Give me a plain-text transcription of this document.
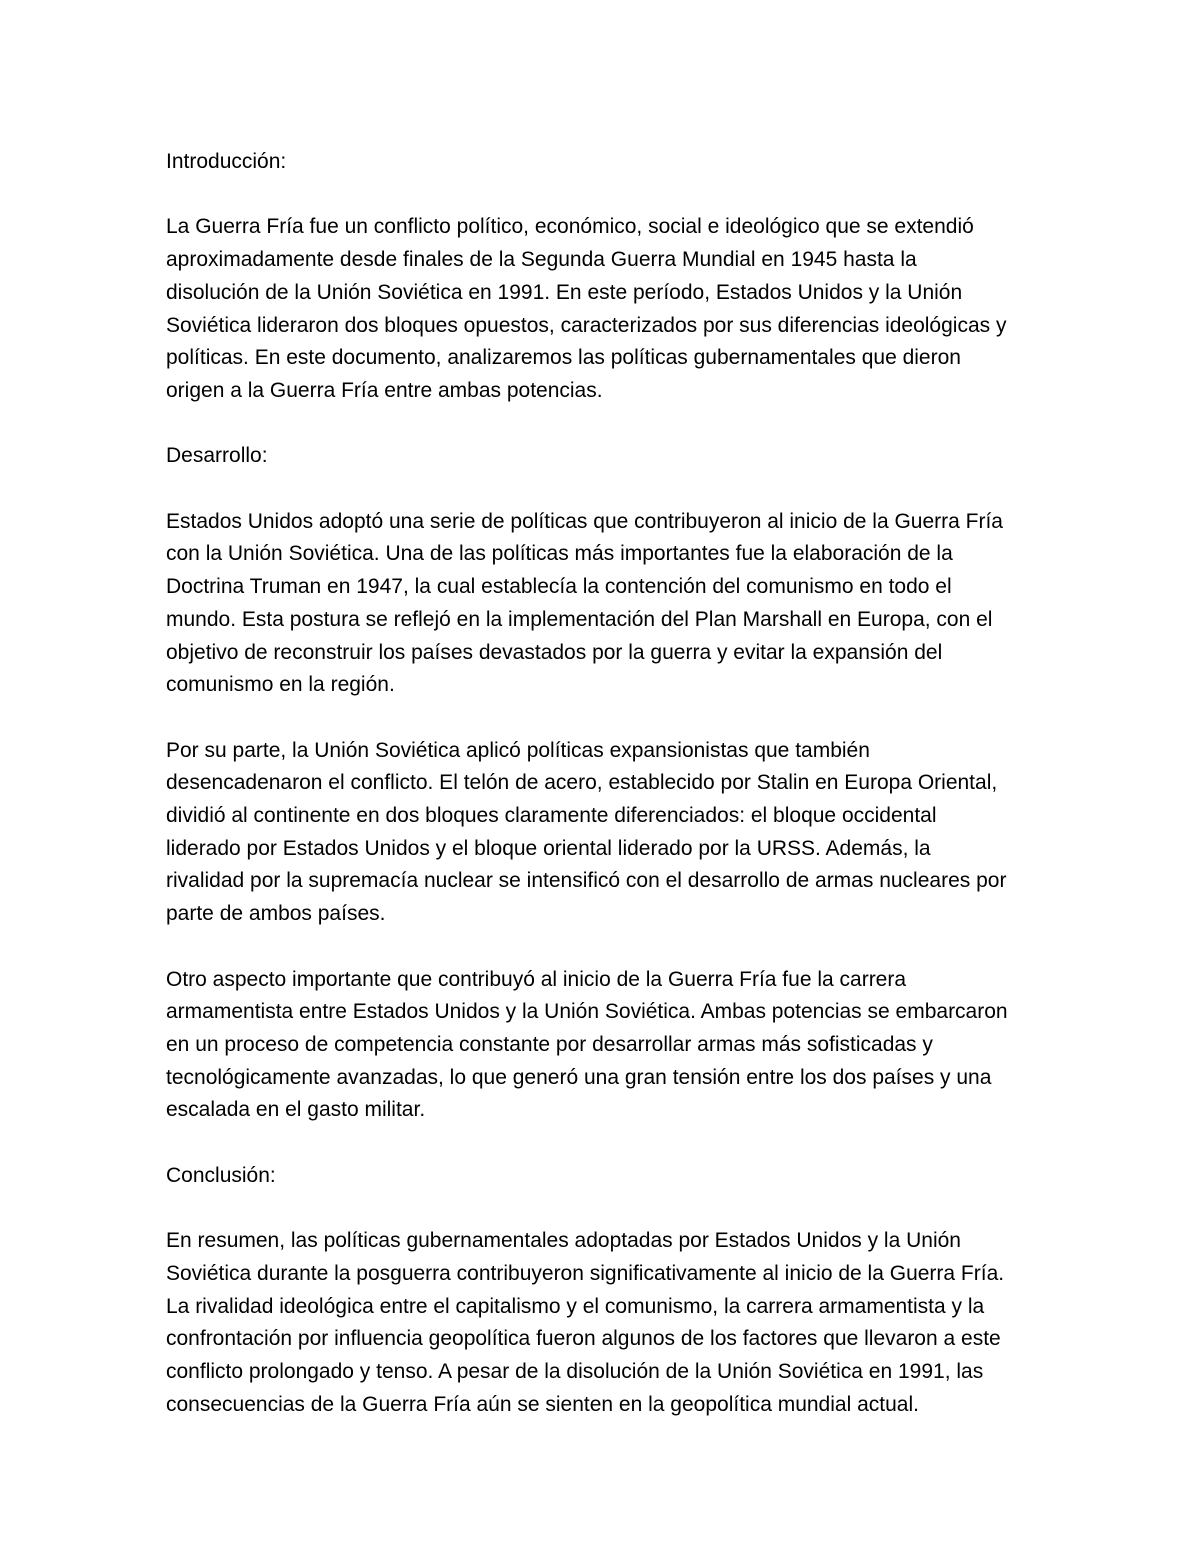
Introducción:

La Guerra Fría fue un conflicto político, económico, social e ideológico que se extendió
aproximadamente desde finales de la Segunda Guerra Mundial en 1945 hasta la
disolución de la Unión Soviética en 1991. En este período, Estados Unidos y la Unión
Soviética lideraron dos bloques opuestos, caracterizados por sus diferencias ideológicas y
políticas. En este documento, analizaremos las políticas gubernamentales que dieron
origen a la Guerra Fría entre ambas potencias.

Desarrollo:

Estados Unidos adoptó una serie de políticas que contribuyeron al inicio de la Guerra Fría
con la Unión Soviética. Una de las políticas más importantes fue la elaboración de la
Doctrina Truman en 1947, la cual establecía la contención del comunismo en todo el
mundo. Esta postura se reflejó en la implementación del Plan Marshall en Europa, con el
objetivo de reconstruir los países devastados por la guerra y evitar la expansión del
comunismo en la región.

Por su parte, la Unión Soviética aplicó políticas expansionistas que también
desencadenaron el conflicto. El telón de acero, establecido por Stalin en Europa Oriental,
dividió al continente en dos bloques claramente diferenciados: el bloque occidental
liderado por Estados Unidos y el bloque oriental liderado por la URSS. Además, la
rivalidad por la supremacía nuclear se intensificó con el desarrollo de armas nucleares por
parte de ambos países.

Otro aspecto importante que contribuyó al inicio de la Guerra Fría fue la carrera
armamentista entre Estados Unidos y la Unión Soviética. Ambas potencias se embarcaron
en un proceso de competencia constante por desarrollar armas más sofisticadas y
tecnológicamente avanzadas, lo que generó una gran tensión entre los dos países y una
escalada en el gasto militar.

Conclusión:

En resumen, las políticas gubernamentales adoptadas por Estados Unidos y la Unión
Soviética durante la posguerra contribuyeron significativamente al inicio de la Guerra Fría.
La rivalidad ideológica entre el capitalismo y el comunismo, la carrera armamentista y la
confrontación por influencia geopolítica fueron algunos de los factores que llevaron a este
conflicto prolongado y tenso. A pesar de la disolución de la Unión Soviética en 1991, las
consecuencias de la Guerra Fría aún se sienten en la geopolítica mundial actual.
